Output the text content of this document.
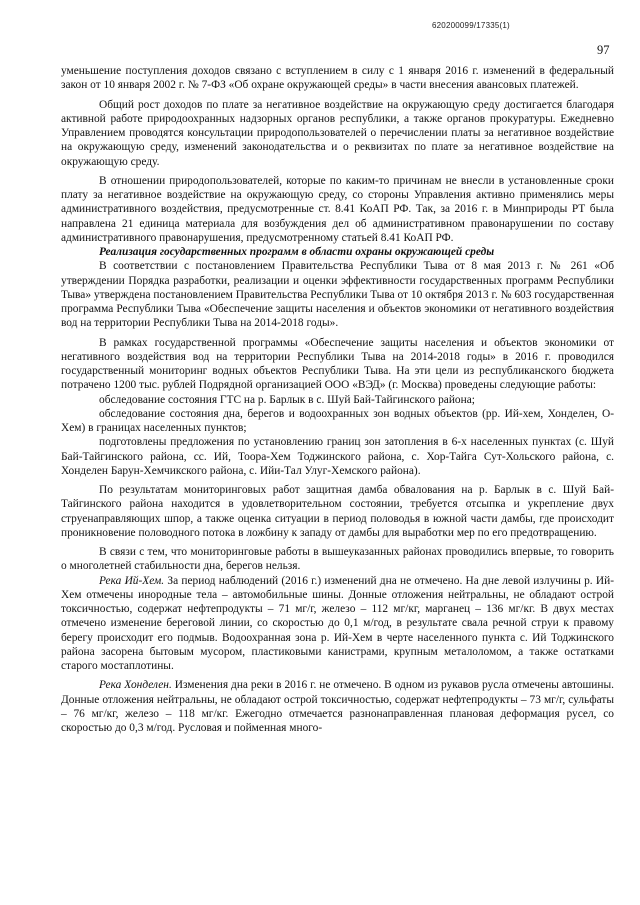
620200099/17335(1)
97

уменьшение поступления доходов связано с вступлением в силу с 1 января 2016 г. изменений в федеральный закон от 10 января 2002 г. № 7-ФЗ «Об охране окружающей среды» в части внесения авансовых платежей.

Общий рост доходов по плате за негативное воздействие на окружающую среду достигается благодаря активной работе природоохранных надзорных органов республики, а также органов прокуратуры. Ежедневно Управлением проводятся консультации природопользователей о перечислении платы за негативное воздействие на окружающую среду, изменений законодательства и о реквизитах по плате за негативное воздействие на окружающую среду.

В отношении природопользователей, которые по каким-то причинам не внесли в установленные сроки плату за негативное воздействие на окружающую среду, со стороны Управления активно применялись меры административного воздействия, предусмотренные ст. 8.41 КоАП РФ. Так, за 2016 г. в Минприроды РТ была направлена 21 единица материала для возбуждения дел об административном правонарушении по составу административного правонарушения, предусмотренному статьей 8.41 КоАП РФ.

Реализация государственных программ в области охраны окружающей среды

В соответствии с постановлением Правительства Республики Тыва от 8 мая 2013 г. № 261 «Об утверждении Порядка разработки, реализации и оценки эффективности государственных программ Республики Тыва» утверждена постановлением Правительства Республики Тыва от 10 октября 2013 г. № 603 государственная программа Республики Тыва «Обеспечение защиты населения и объектов экономики от негативного воздействия вод на территории Республики Тыва на 2014-2018 годы».

В рамках государственной программы «Обеспечение защиты населения и объектов экономики от негативного воздействия вод на территории Республики Тыва на 2014-2018 годы» в 2016 г. проводился государственный мониторинг водных объектов Республики Тыва. На эти цели из республиканского бюджета потрачено 1200 тыс. рублей Подрядной организацией ООО «ВЭД» (г. Москва) проведены следующие работы:

обследование состояния ГТС на р. Барлык в с. Шуй Бай-Тайгинского района;

обследование состояния дна, берегов и водоохранных зон водных объектов (рр. Ий-хем, Хонделен, О-Хем) в границах населенных пунктов;

подготовлены предложения по установлению границ зон затопления в 6-х населенных пунктах (с. Шуй Бай-Тайгинского района, сс. Ий, Тоора-Хем Тоджинского района, с. Хор-Тайга Сут-Хольского района, с. Хонделен Барун-Хемчикского района, с. Ийи-Тал Улуг-Хемского района).

По результатам мониторинговых работ защитная дамба обвалования на р. Барлык в с. Шуй Бай-Тайгинского района находится в удовлетворительном состоянии, требуется отсыпка и укрепление двух струенаправляющих шпор, а также оценка ситуации в период половодья в южной части дамбы, где происходит проникновение половодного потока в ложбину к западу от дамбы для выработки мер по его предотвращению.

В связи с тем, что мониторинговые работы в вышеуказанных районах проводились впервые, то говорить о многолетней стабильности дна, берегов нельзя.

Река Ий-Хем. За период наблюдений (2016 г.) изменений дна не отмечено. На дне левой излучины р. Ий-Хем отмечены инородные тела – автомобильные шины. Донные отложения нейтральны, не обладают острой токсичностью, содержат нефтепродукты – 71 мг/г, железо – 112 мг/кг, марганец – 136 мг/кг. В двух местах отмечено изменение береговой линии, со скоростью до 0,1 м/год, в результате свала речной струи к правому берегу происходит его подмыв. Водоохранная зона р. Ий-Хем в черте населенного пункта с. Ий Тоджинского района засорена бытовым мусором, пластиковыми канистрами, крупным металоломом, а также остатками старого мостаплотины.

Река Хонделен. Изменения дна реки в 2016 г. не отмечено. В одном из рукавов русла отмечены автошины. Донные отложения нейтральны, не обладают острой токсичностью, содержат нефтепродукты – 73 мг/г, сульфаты – 76 мг/кг, железо – 118 мг/кг. Ежегодно отмечается разнонаправленная плановая деформация русел, со скоростью до 0,3 м/год. Русловая и пойменная много-
